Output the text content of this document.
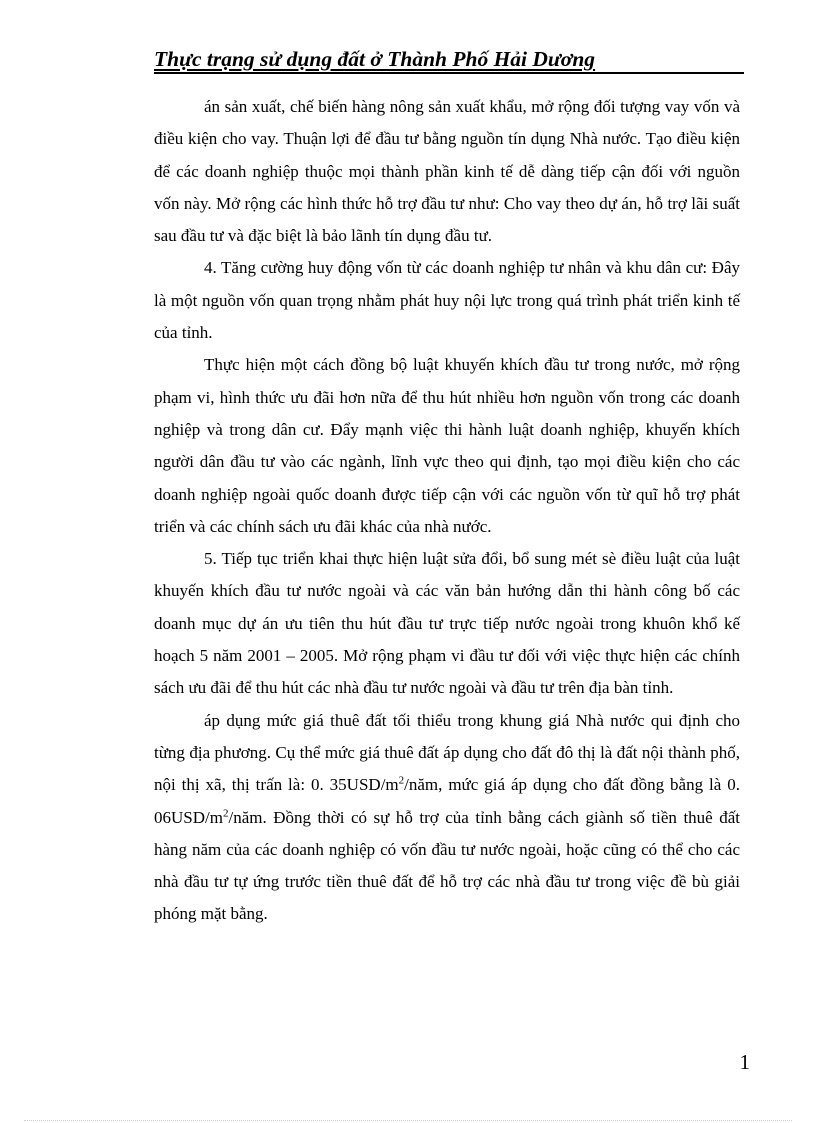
Thực trạng sử dụng đất ở Thành Phố Hải Dương

án sản xuất, chế biến hàng nông sản xuất khẩu, mở rộng đối tượng vay vốn và điều kiện cho vay. Thuận lợi để đầu tư bằng nguồn tín dụng Nhà nước. Tạo điều kiện để các doanh nghiệp thuộc mọi thành phần kinh tế dễ dàng tiếp cận đối với nguồn vốn này. Mở rộng các hình thức hỗ trợ đầu tư như: Cho vay theo dự án, hỗ trợ lãi suất sau đầu tư và đặc biệt là bảo lãnh tín dụng đầu tư.

4. Tăng cường huy động vốn từ các doanh nghiệp tư nhân và khu dân cư: Đây là một nguồn vốn quan trọng nhằm phát huy nội lực trong quá trình phát triển kinh tế của tỉnh.

Thực hiện một cách đồng bộ luật khuyến khích đầu tư trong nước, mở rộng phạm vi, hình thức ưu đãi hơn nữa để thu hút nhiều hơn nguồn vốn trong các doanh nghiệp và trong dân cư. Đẩy mạnh việc thi hành luật doanh nghiệp, khuyến khích người dân đầu tư vào các ngành, lĩnh vực theo qui định, tạo mọi điều kiện cho các doanh nghiệp ngoài quốc doanh được tiếp cận với các nguồn vốn từ quĩ hỗ trợ phát triển và các chính sách ưu đãi khác của nhà nước.

5. Tiếp tục triển khai thực hiện luật sửa đổi, bổ sung mét sè điều luật của luật khuyến khích đầu tư nước ngoài và các văn bản hướng dẫn thi hành công bố các doanh mục dự án ưu tiên thu hút đầu tư trực tiếp nước ngoài trong khuôn khổ kế hoạch 5 năm 2001 – 2005. Mở rộng phạm vi đầu tư đối với việc thực hiện các chính sách ưu đãi để thu hút các nhà đầu tư nước ngoài và đầu tư trên địa bàn tỉnh.

áp dụng mức giá thuê đất tối thiểu trong khung giá Nhà nước qui định cho từng địa phương. Cụ thể mức giá thuê đất áp dụng cho đất đô thị là đất nội thành phố, nội thị xã, thị trấn là: 0. $35USD/m^2$/năm, mức giá áp dụng cho đất đồng bằng là 0. $06USD/m^2$/năm. Đồng thời có sự hỗ trợ của tỉnh bằng cách giành số tiền thuê đất hàng năm của các doanh nghiệp có vốn đầu tư nước ngoài, hoặc cũng có thể cho các nhà đầu tư tự ứng trước tiền thuê đất để hỗ trợ các nhà đầu tư trong việc đề bù giải phóng mặt bằng.

1
